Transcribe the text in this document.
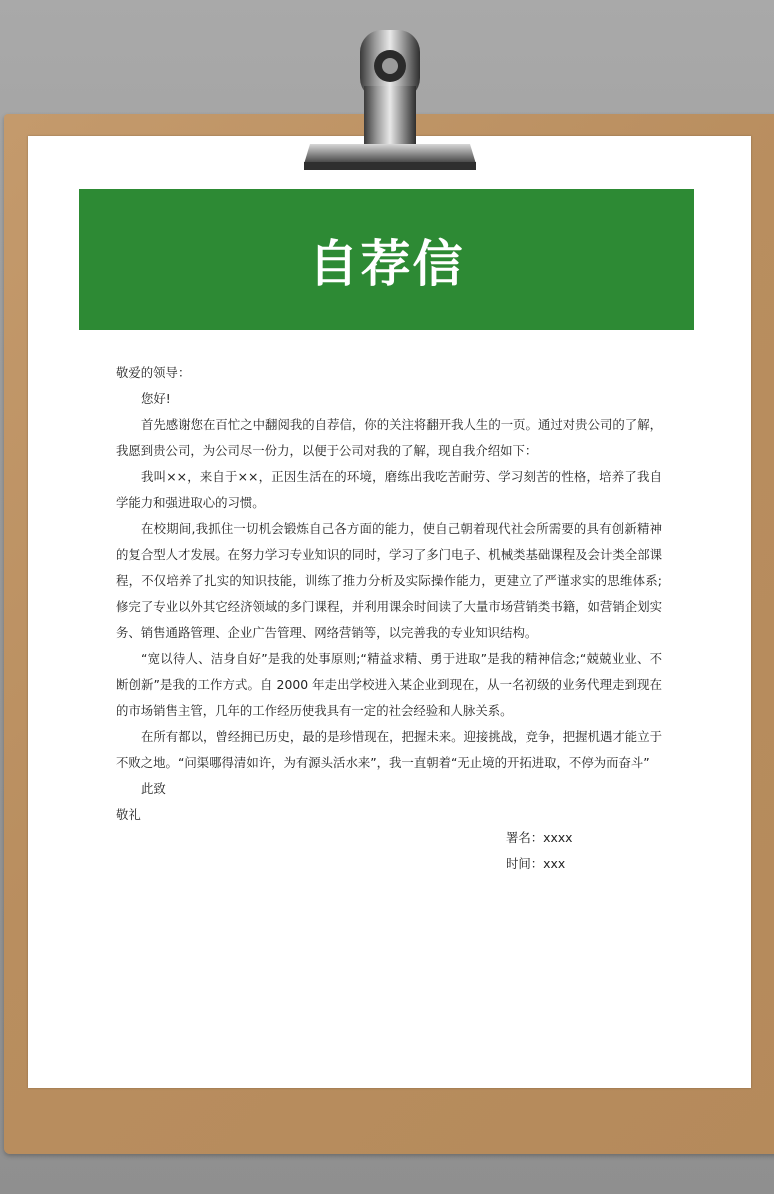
自荐信

敬爱的领导：

您好!

首先感谢您在百忙之中翻阅我的自荐信，你的关注将翻开我人生的一页。通过对贵公司的了解，我愿到贵公司，为公司尽一份力，以便于公司对我的了解，现自我介绍如下：

我叫××，来自于××，正因生活在的环境，磨练出我吃苦耐劳、学习刻苦的性格，培养了我自学能力和强进取心的习惯。

在校期间,我抓住一切机会锻炼自己各方面的能力，使自己朝着现代社会所需要的具有创新精神的复合型人才发展。在努力学习专业知识的同时，学习了多门电子、机械类基础课程及会计类全部课程，不仅培养了扎实的知识技能，训练了推力分析及实际操作能力，更建立了严谨求实的思维体系;修完了专业以外其它经济领域的多门课程，并利用课余时间读了大量市场营销类书籍，如营销企划实务、销售通路管理、企业广告管理、网络营销等，以完善我的专业知识结构。

“宽以待人、洁身自好”是我的处事原则;“精益求精、勇于进取”是我的精神信念;“兢兢业业、不断创新”是我的工作方式。自 2000 年走出学校进入某企业到现在，从一名初级的业务代理走到现在的市场销售主管，几年的工作经历使我具有一定的社会经验和人脉关系。

在所有都以，曾经拥已历史，最的是珍惜现在，把握未来。迎接挑战，竞争，把握机遇才能立于不败之地。“问渠哪得清如许，为有源头活水来”，我一直朝着“无止境的开拓进取，不停为而奋斗”

此致

敬礼

署名：xxxx
时间：xxx
